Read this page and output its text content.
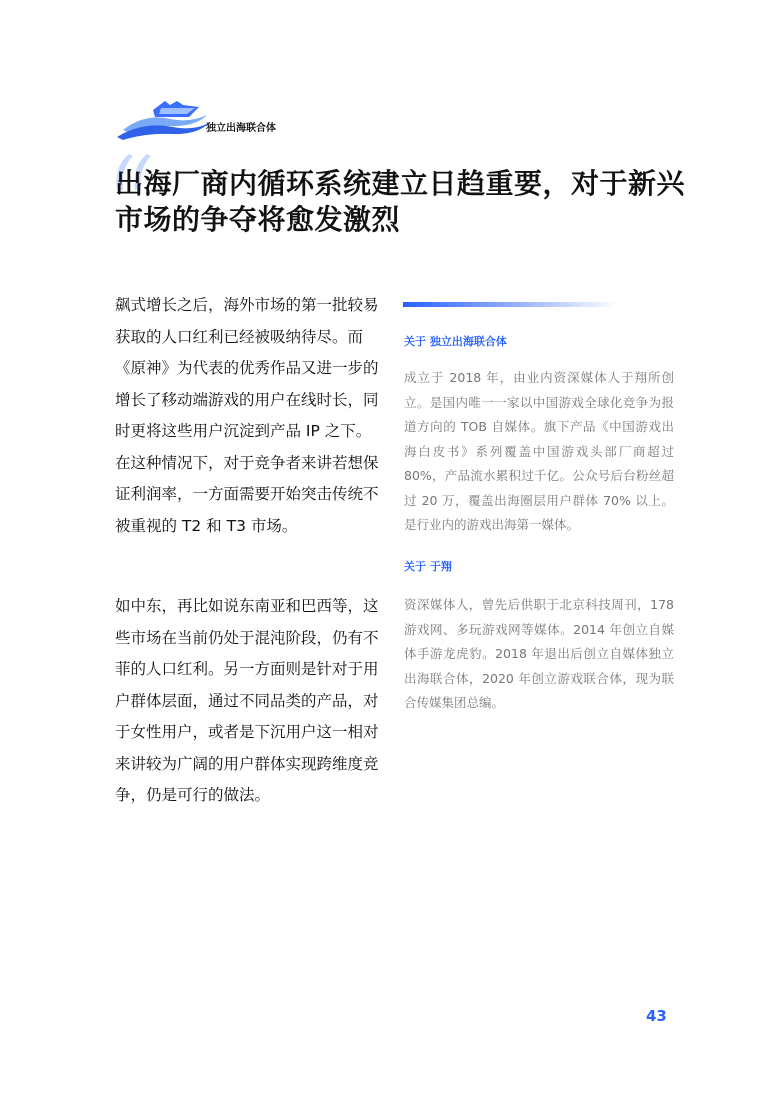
独立出海联合体
出海厂商内循环系统建立日趋重要，对于新兴市场的争夺将愈发激烈

飙式增长之后，海外市场的第一批较易获取的人口红利已经被吸纳待尽。而《原神》为代表的优秀作品又进一步的增长了移动端游戏的用户在线时长，同时更将这些用户沉淀到产品 IP 之下。在这种情况下，对于竞争者来讲若想保证利润率，一方面需要开始突击传统不被重视的 T2 和 T3 市场。

如中东，再比如说东南亚和巴西等，这些市场在当前仍处于混沌阶段，仍有不菲的人口红利。另一方面则是针对于用户群体层面，通过不同品类的产品，对于女性用户，或者是下沉用户这一相对来讲较为广阔的用户群体实现跨维度竞争，仍是可行的做法。

关于 独立出海联合体

成立于 2018 年，由业内资深媒体人于翔所创立。是国内唯一一家以中国游戏全球化竞争为报道方向的 TOB 自媒体。旗下产品《中国游戏出海白皮书》系列覆盖中国游戏头部厂商超过 80%，产品流水累积过千亿。公众号后台粉丝超过 20 万，覆盖出海圈层用户群体 70% 以上。是行业内的游戏出海第一媒体。

关于 于翔

资深媒体人，曾先后供职于北京科技周刊，178游戏网、多玩游戏网等媒体。2014 年创立自媒体手游龙虎豹。2018 年退出后创立自媒体独立出海联合体，2020 年创立游戏联合体，现为联合传媒集团总编。

43
